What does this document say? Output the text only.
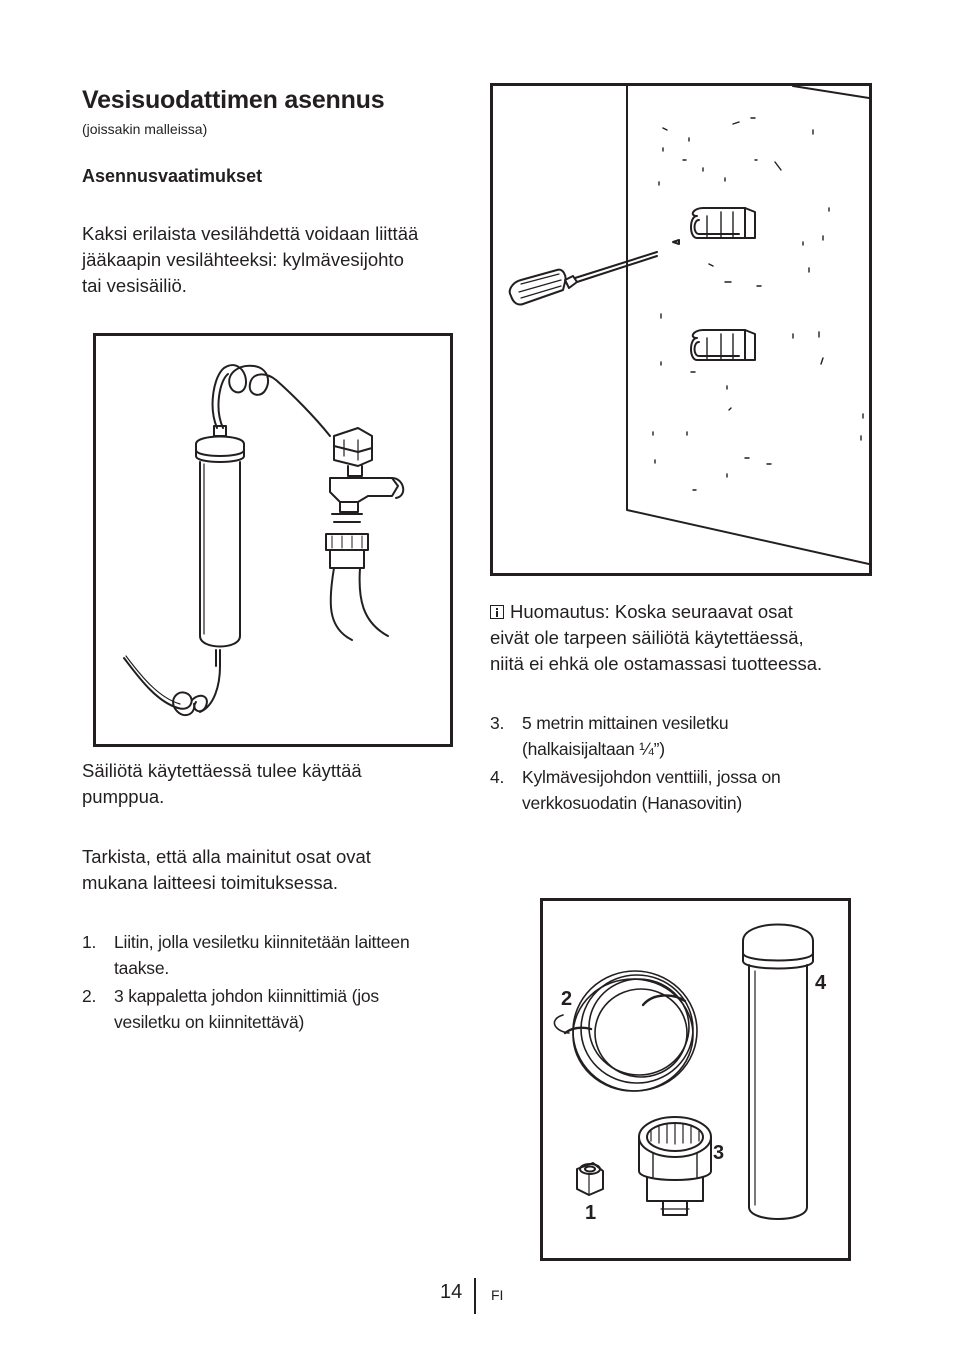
Vesisuodattimen asennus
(joissakin malleissa)
Asennusvaatimukset
Kaksi erilaista vesilähdettä voidaan liittää
jääkaapin vesilähteeksi: kylmävesijohto
tai vesisäiliö.
Säiliötä käytettäessä tulee käyttää
pumppua.
Tarkista, että alla mainitut osat ovat
mukana laitteesi toimituksessa.
1. Liitin, jolla vesiletku kiinnitetään laitteen
taakse.
2. 3 kappaletta johdon kiinnittimiä (jos
vesiletku on kiinnitettävä)
Huomautus: Koska seuraavat osat
eivät ole tarpeen säiliötä käytettäessä,
niitä ei ehkä ole ostamassasi tuotteessa.
3. 5 metrin mittainen vesiletku
(halkaisijaltaan ¼”)
4. Kylmävesijohdon venttiili, jossa on
verkkosuodatin (Hanasovitin)
2
4
3
1
14 FI
